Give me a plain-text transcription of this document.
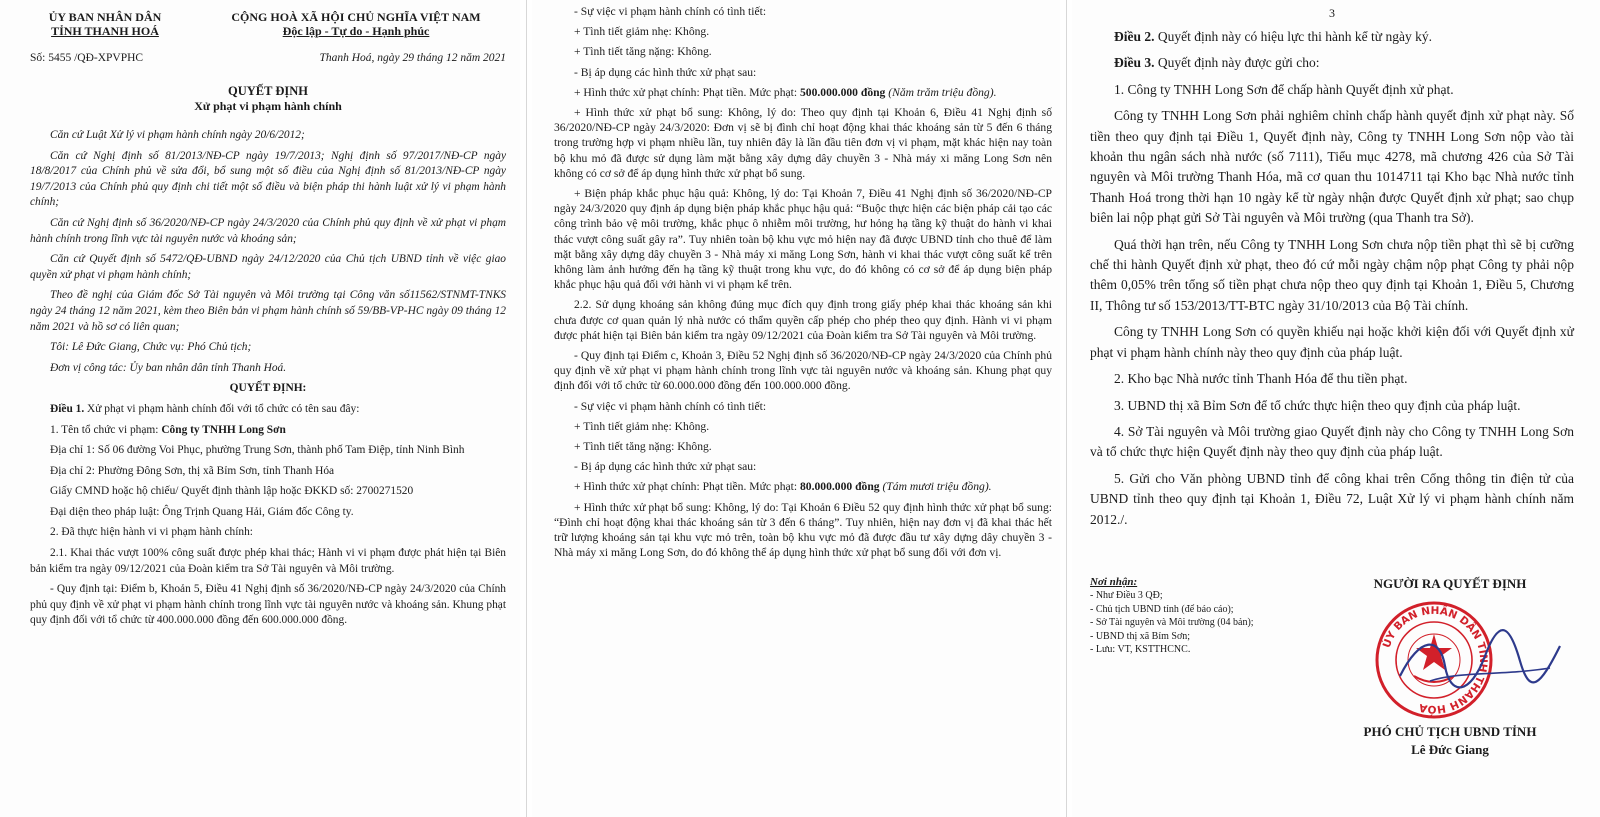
ỦY BAN NHÂN DÂN
TỈNH THANH HOÁ
CỘNG HOÀ XÃ HỘI CHỦ NGHĨA VIỆT NAM
Độc lập - Tự do - Hạnh phúc
Số: 5455 /QĐ-XPVPHC	Thanh Hoá, ngày 29 tháng 12 năm 2021
QUYẾT ĐỊNH
Xử phạt vi phạm hành chính

Căn cứ Luật Xử lý vi phạm hành chính ngày 20/6/2012;

Căn cứ Nghị định số 81/2013/NĐ-CP ngày 19/7/2013; Nghị định số 97/2017/NĐ-CP ngày 18/8/2017 của Chính phủ về sửa đổi, bổ sung một số điều của Nghị định số 81/2013/NĐ-CP ngày 19/7/2013 của Chính phủ quy định chi tiết một số điều và biện pháp thi hành luật xử lý vi phạm hành chính;

Căn cứ Nghị định số 36/2020/NĐ-CP ngày 24/3/2020 của Chính phủ quy định về xử phạt vi phạm hành chính trong lĩnh vực tài nguyên nước và khoáng sản;

Căn cứ Quyết định số 5472/QĐ-UBND ngày 24/12/2020 của Chủ tịch UBND tỉnh về việc giao quyền xử phạt vi phạm hành chính;

Theo đề nghị của Giám đốc Sở Tài nguyên và Môi trường tại Công văn số11562/STNMT-TNKS ngày 24 tháng 12 năm 2021, kèm theo Biên bản vi phạm hành chính số 59/BB-VP-HC ngày 09 tháng 12 năm 2021 và hồ sơ có liên quan;

Tôi: Lê Đức Giang, Chức vụ: Phó Chủ tịch;

Đơn vị công tác: Ủy ban nhân dân tỉnh Thanh Hoá.

QUYẾT ĐỊNH:

Điều 1. Xử phạt vi phạm hành chính đối với tổ chức có tên sau đây:

1. Tên tổ chức vi phạm: Công ty TNHH Long Sơn

Địa chỉ 1: Số 06 đường Voi Phục, phường Trung Sơn, thành phố Tam Điệp, tỉnh Ninh Bình

Địa chỉ 2: Phường Đông Sơn, thị xã Bỉm Sơn, tỉnh Thanh Hóa

Giấy CMND hoặc hộ chiếu/ Quyết định thành lập hoặc ĐKKD số: 2700271520

Đại diện theo pháp luật: Ông Trịnh Quang Hải, Giám đốc Công ty.

2. Đã thực hiện hành vi vi phạm hành chính:

2.1. Khai thác vượt 100% công suất được phép khai thác; Hành vi vi phạm được phát hiện tại Biên bản kiểm tra ngày 09/12/2021 của Đoàn kiểm tra Sở Tài nguyên và Môi trường.

- Quy định tại: Điểm b, Khoản 5, Điều 41 Nghị định số 36/2020/NĐ-CP ngày 24/3/2020 của Chính phủ quy định về xử phạt vi phạm hành chính trong lĩnh vực tài nguyên nước và khoáng sản. Khung phạt quy định đối với tổ chức từ 400.000.000 đồng đến 600.000.000 đồng.

- Sự việc vi phạm hành chính có tình tiết:

+ Tình tiết giảm nhẹ: Không.

+ Tình tiết tăng nặng: Không.

- Bị áp dụng các hình thức xử phạt sau:

+ Hình thức xử phạt chính: Phạt tiền. Mức phạt: 500.000.000 đồng (Năm trăm triệu đồng).

+ Hình thức xử phạt bổ sung: Không, lý do: Theo quy định tại Khoản 6, Điều 41 Nghị định số 36/2020/NĐ-CP ngày 24/3/2020: Đơn vị sẽ bị đình chỉ hoạt động khai thác khoáng sản từ 5 đến 6 tháng trong trường hợp vi phạm nhiều lần, tuy nhiên đây là lần đầu tiên đơn vị vi phạm, mặt khác hiện nay toàn bộ khu mỏ đã được sử dụng làm mặt bằng xây dựng dây chuyền 3 - Nhà máy xi măng Long Sơn nên không có cơ sở để áp dụng hình thức xử phạt bổ sung.

+ Biện pháp khắc phục hậu quả: Không, lý do: Tại Khoản 7, Điều 41 Nghị định số 36/2020/NĐ-CP ngày 24/3/2020 quy định áp dụng biện pháp khắc phục hậu quả: “Buộc thực hiện các biện pháp cải tạo các công trình bảo vệ môi trường, khắc phục ô nhiễm môi trường, hư hỏng hạ tầng kỹ thuật do hành vi khai thác vượt công suất gây ra”. Tuy nhiên toàn bộ khu vực mỏ hiện nay đã được UBND tỉnh cho thuê để làm mặt bằng xây dựng dây chuyền 3 - Nhà máy xi măng Long Sơn, hành vi khai thác vượt công suất kể trên không làm ảnh hưởng đến hạ tầng kỹ thuật trong khu vực, do đó không có cơ sở để áp dụng biện pháp khắc phục hậu quả đối với hành vi vi phạm kể trên.

2.2. Sử dụng khoáng sản không đúng mục đích quy định trong giấy phép khai thác khoáng sản khi chưa được cơ quan quản lý nhà nước có thẩm quyền cấp phép cho phép theo quy định. Hành vi vi phạm được phát hiện tại Biên bản kiểm tra ngày 09/12/2021 của Đoàn kiểm tra Sở Tài nguyên và Môi trường.

- Quy định tại Điểm c, Khoản 3, Điều 52 Nghị định số 36/2020/NĐ-CP ngày 24/3/2020 của Chính phủ quy định về xử phạt vi phạm hành chính trong lĩnh vực tài nguyên nước và khoáng sản. Khung phạt quy định đối với tổ chức từ 60.000.000 đồng đến 100.000.000 đồng.

- Sự việc vi phạm hành chính có tình tiết:

+ Tình tiết giảm nhẹ: Không.

+ Tình tiết tăng nặng: Không.

- Bị áp dụng các hình thức xử phạt sau:

+ Hình thức xử phạt chính: Phạt tiền. Mức phạt: 80.000.000 đồng (Tám mươi triệu đồng).

+ Hình thức xử phạt bổ sung: Không, lý do: Tại Khoản 6 Điều 52 quy định hình thức xử phạt bổ sung: “Đình chỉ hoạt động khai thác khoáng sản từ 3 đến 6 tháng”. Tuy nhiên, hiện nay đơn vị đã khai thác hết trữ lượng khoáng sản tại khu vực mỏ trên, toàn bộ khu vực mỏ đã được đầu tư xây dựng dây chuyền 3 - Nhà máy xi măng Long Sơn, do đó không thể áp dụng hình thức xử phạt bổ sung đối với đơn vị.

3

Điều 2. Quyết định này có hiệu lực thi hành kể từ ngày ký.

Điều 3. Quyết định này được gửi cho:

1. Công ty TNHH Long Sơn để chấp hành Quyết định xử phạt.

Công ty TNHH Long Sơn phải nghiêm chỉnh chấp hành quyết định xử phạt này. Số tiền theo quy định tại Điều 1, Quyết định này, Công ty TNHH Long Sơn nộp vào tài khoản thu ngân sách nhà nước (số 7111), Tiểu mục 4278, mã chương 426 của Sở Tài nguyên và Môi trường Thanh Hóa, mã cơ quan thu 1014711 tại Kho bạc Nhà nước tỉnh Thanh Hoá trong thời hạn 10 ngày kể từ ngày nhận được Quyết định xử phạt; sao chụp biên lai nộp phạt gửi Sở Tài nguyên và Môi trường (qua Thanh tra Sở).

Quá thời hạn trên, nếu Công ty TNHH Long Sơn chưa nộp tiền phạt thì sẽ bị cưỡng chế thi hành Quyết định xử phạt, theo đó cứ mỗi ngày chậm nộp phạt Công ty phải nộp thêm 0,05% trên tổng số tiền phạt chưa nộp theo quy định tại Khoản 1, Điều 5, Chương II, Thông tư số 153/2013/TT-BTC ngày 31/10/2013 của Bộ Tài chính.

Công ty TNHH Long Sơn có quyền khiếu nại hoặc khởi kiện đối với Quyết định xử phạt vi phạm hành chính này theo quy định của pháp luật.

2. Kho bạc Nhà nước tỉnh Thanh Hóa để thu tiền phạt.

3. UBND thị xã Bỉm Sơn để tổ chức thực hiện theo quy định của pháp luật.

4. Sở Tài nguyên và Môi trường giao Quyết định này cho Công ty TNHH Long Sơn và tổ chức thực hiện Quyết định này theo quy định của pháp luật.

5. Gửi cho Văn phòng UBND tỉnh để công khai trên Cổng thông tin điện tử của UBND tỉnh theo quy định tại Khoản 1, Điều 72, Luật Xử lý vi phạm hành chính năm 2012./.

Nơi nhận:
- Như Điều 3 QĐ;
- Chủ tịch UBND tỉnh (để báo cáo);
- Sở Tài nguyên và Môi trường (04 bản);
- UBND thị xã Bỉm Sơn;
- Lưu: VT, KSTTHCNC.
NGƯỜI RA QUYẾT ĐỊNH
ỦY BAN NHÂN DÂN TỈNH THANH HÓA
PHÓ CHỦ TỊCH UBND TỈNH
Lê Đức Giang
